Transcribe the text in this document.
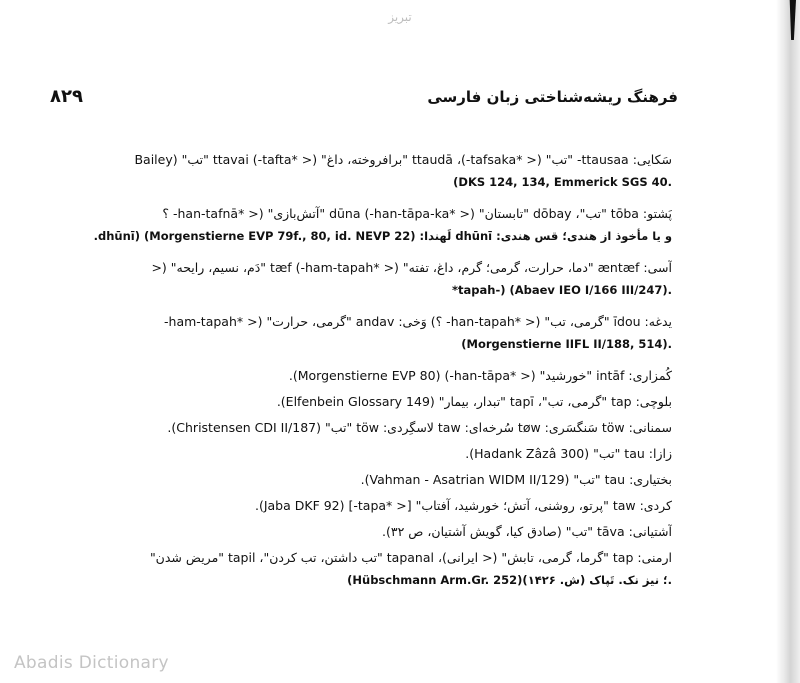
تبریز
۸۲۹	فرهنگ ریشه‌شناختی زبان فارسی
سَکایی: ttausaa- "تب" (< *tafsaka-)، ttaudā "برافروخته، داغ" (< *tafta-) ttavai "تب" (Bailey
(DKS 124, 134, Emmerick SGS 40.
پَشتو: tōba "تب"، dōbay "تابستان" (< *han-tāpa-ka-) dūna "آتش‌بازی" (< *han-tafnā- ؟
و یا مأخوذ از هندی؛ قس هندی: dhūnī لَهندا: dhūnī) (Morgenstierne EVP 79f., 80, id. NEVP 22).
آسی: æntæf "دما، حرارت، گرمی؛ گرم، داغ، تفته" (< *ham-tapah-) tæf "دَم، نسیم، رایحه" (<
*tapah-) (Abaev IEO I/166 III/247).
یدغه: īdou "گرمی، تب" (< *han-tapah- ؟) وَخی: andav "گرمی، حرارت" (< *ham-tapah-
(Morgenstierne IIFL II/188, 514).
کُمزاری: intāf "خورشید" (< *han-tāpa-) (Morgenstierne EVP 80).
بلوچی: tap "گرمی، تب"، tapī "تبدار، بیمار" (Elfenbein Glossary 149).
سمنانی: töw سَنگسَری: tøw سُرخه‌ای: taw لاسگِردی: töw "تب" (Christensen CDI II/187).
زازا: tau "تب" (Hadank Zâzâ 300).
بختیاری: tau "تب" (Vahman - Asatrian WIDM II/129).
کردی: taw "پرتو، روشنی، آتش؛ خورشید، آفتاب" [< *tapa-] (Jaba DKF 92).
آشتیانی: tāva "تب" (صادق کیا، گویش آشتیان، ص ۳۲).
ارمنی: tap "گرما، گرمی، تابش" (< ایرانی)، tapanal "تب داشتن، تب کردن"، tapil "مریض شدن"
(Hübschmann Arm.Gr. 252)؛ نیز نک. تَپاک (ش. ۱۴۲۶).
Abadis Dictionary
